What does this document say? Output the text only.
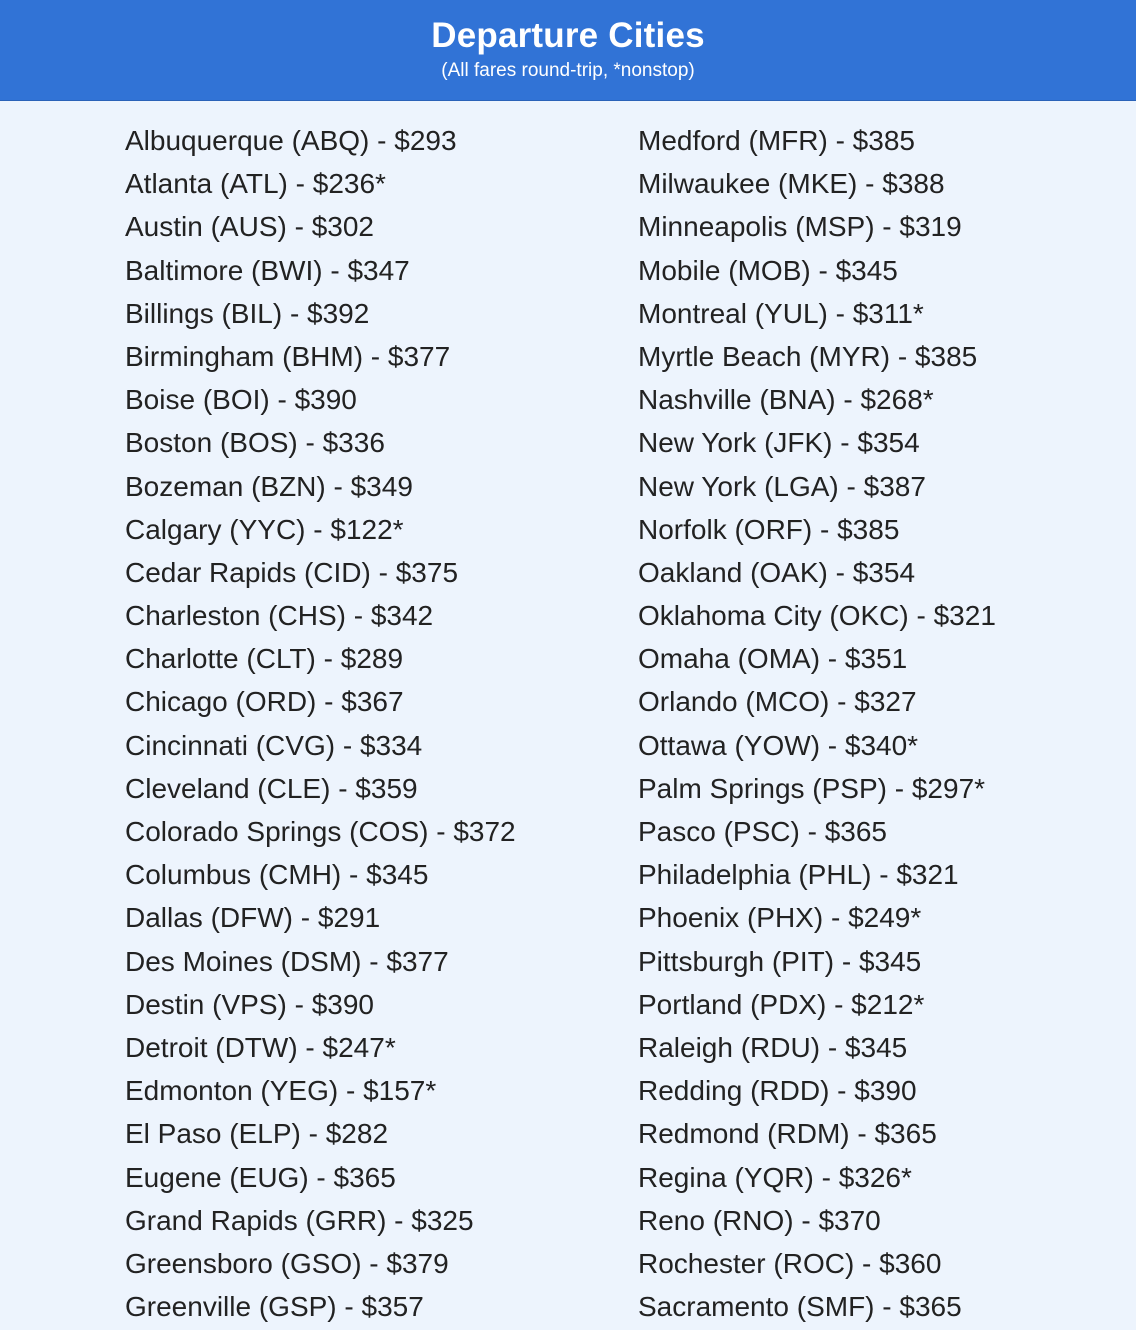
Departure Cities
(All fares round-trip, *nonstop)
Albuquerque (ABQ) - $293
Atlanta (ATL) - $236*
Austin (AUS) - $302
Baltimore (BWI) - $347
Billings (BIL) - $392
Birmingham (BHM) - $377
Boise (BOI) - $390
Boston (BOS) - $336
Bozeman (BZN) - $349
Calgary (YYC) - $122*
Cedar Rapids (CID) - $375
Charleston (CHS) - $342
Charlotte (CLT) - $289
Chicago (ORD) - $367
Cincinnati (CVG) - $334
Cleveland (CLE) - $359
Colorado Springs (COS) - $372
Columbus (CMH) - $345
Dallas (DFW) - $291
Des Moines (DSM) - $377
Destin (VPS) - $390
Detroit (DTW) - $247*
Edmonton (YEG) - $157*
El Paso (ELP) - $282
Eugene (EUG) - $365
Grand Rapids (GRR) - $325
Greensboro (GSO) - $379
Greenville (GSP) - $357
Medford (MFR) - $385
Milwaukee (MKE) - $388
Minneapolis (MSP) - $319
Mobile (MOB) - $345
Montreal (YUL) - $311*
Myrtle Beach (MYR) - $385
Nashville (BNA) - $268*
New York (JFK) - $354
New York (LGA) - $387
Norfolk (ORF) - $385
Oakland (OAK) - $354
Oklahoma City (OKC) - $321
Omaha (OMA) - $351
Orlando (MCO) - $327
Ottawa (YOW) - $340*
Palm Springs (PSP) - $297*
Pasco (PSC) - $365
Philadelphia (PHL) - $321
Phoenix (PHX) - $249*
Pittsburgh (PIT) - $345
Portland (PDX) - $212*
Raleigh (RDU) - $345
Redding (RDD) - $390
Redmond (RDM) - $365
Regina (YQR) - $326*
Reno (RNO) - $370
Rochester (ROC) - $360
Sacramento (SMF) - $365
